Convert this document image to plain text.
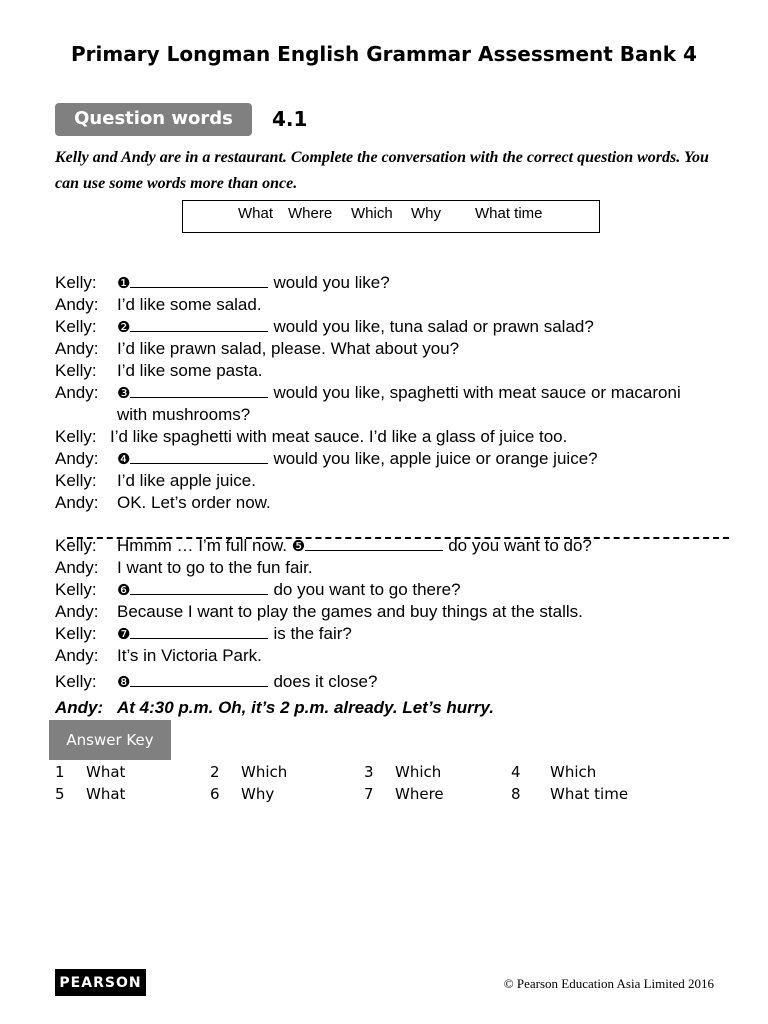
Primary Longman English Grammar Assessment Bank 4
Question words	4.1
Kelly and Andy are in a restaurant. Complete the conversation with the correct question words. You can use some words more than once.
What Where Which Why What time
Kelly: ❶	would you like?
Andy: I’d like some salad.
Kelly: ❷	would you like, tuna salad or prawn salad?
Andy: I’d like prawn salad, please. What about you?
Kelly: I’d like some pasta.
Andy: ❸	would you like, spaghetti with meat sauce or macaroni
with mushrooms?
Kelly: I’d like spaghetti with meat sauce. I’d like a glass of juice too.
Andy: ❹	would you like, apple juice or orange juice?
Kelly: I’d like apple juice.
Andy: OK. Let’s order now.
Kelly: Hmmm … I’m full now. ❺	do you want to do?
Andy: I want to go to the fun fair.
Kelly: ❻	do you want to go there?
Andy: Because I want to play the games and buy things at the stalls.
Kelly: ❼	is the fair?
Andy: It’s in Victoria Park.
Kelly: ❽	does it close?
Andy: At 4:30 p.m. Oh, it’s 2 p.m. already. Let’s hurry.
Answer Key
1 What	2 Which	3 Which	4 Which
5 What	6 Why	7 Where	8 What time
PEARSON	© Pearson Education Asia Limited 2016
